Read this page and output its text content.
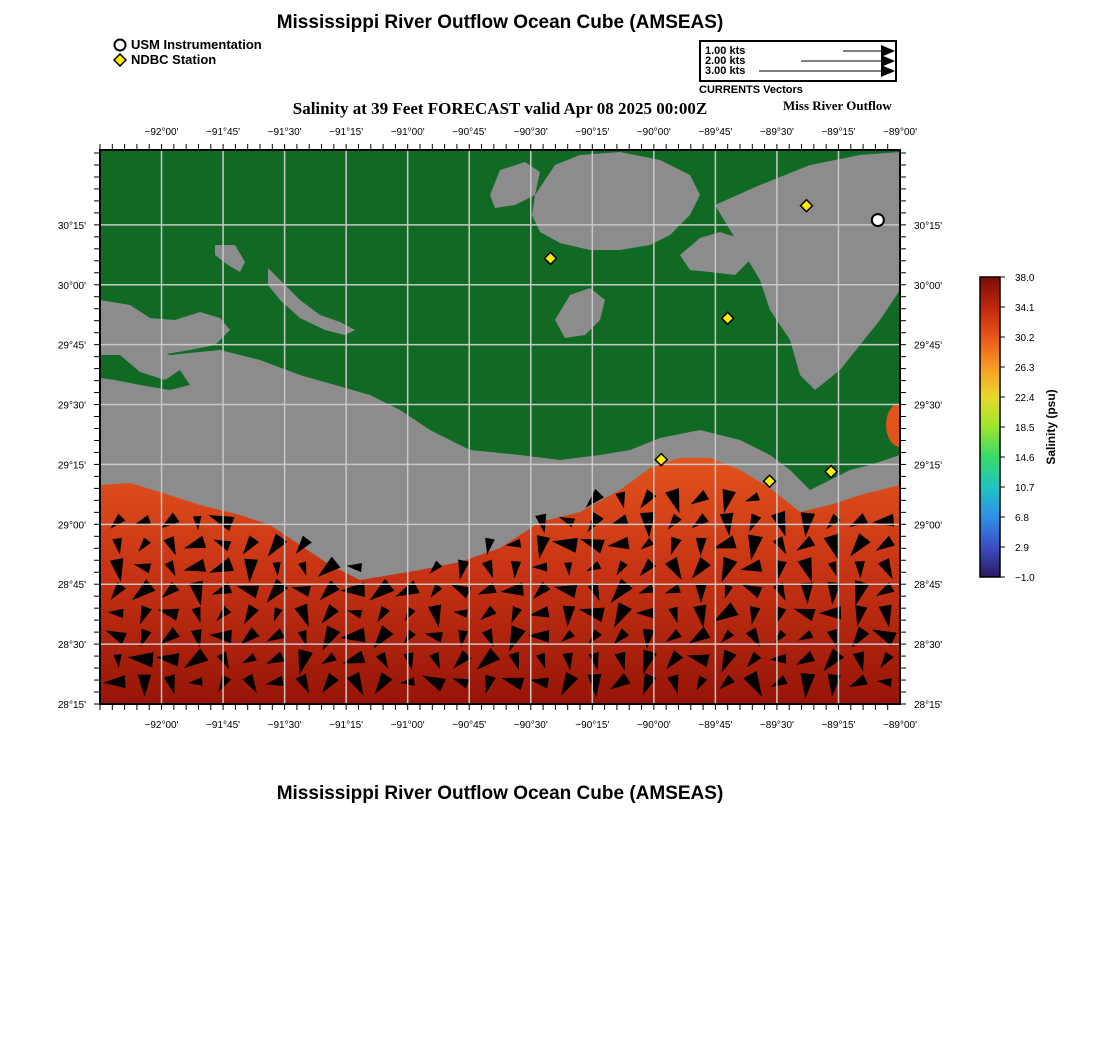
Mississippi River Outflow Ocean Cube (AMSEAS)
USM Instrumentation
NDBC Station
1.00 kts
2.00 kts
3.00 kts
CURRENTS Vectors
Salinity at 39 Feet FORECAST valid Apr 08 2025 00:00Z	Miss River Outflow
−92°00'	−91°45'	−91°30'	−91°15'	−91°00'	−90°45'	−90°30'	−90°15'	−90°00'	−89°45'	−89°30'	−89°15'	−89°00'
−92°00'	−91°45'	−91°30'	−91°15'	−91°00'	−90°45'	−90°30'	−90°15'	−90°00'	−89°45'	−89°30'	−89°15'	−89°00'
30°15'
30°00'
29°45'
29°30'
29°15'
29°00'
28°45'
28°30'
28°15'
30°15'
30°00'
29°45'
29°30'
29°15'
29°00'
28°45'
28°30'
28°15'
38.0
34.1
30.2
26.3
22.4
18.5
14.6
10.7
6.8
2.9
−1.0
Salinity (psu)
Mississippi River Outflow Ocean Cube (AMSEAS)
